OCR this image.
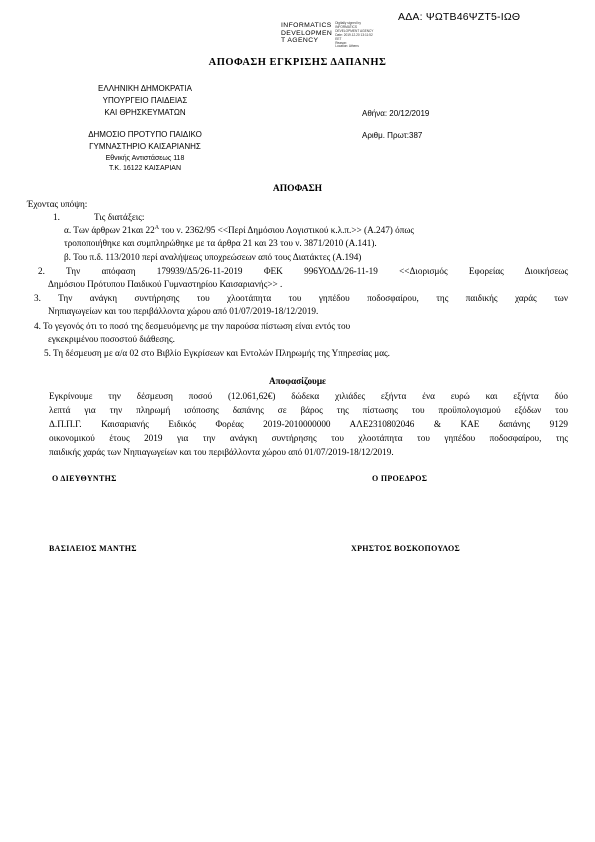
ΑΔΑ: ΨΩΤΒ46ΨΖΤ5-ΙΩΘ
INFORMATICS
DEVELOPMEN
T AGENCY
Digitally signed by
INFORMATICS
DEVELOPMENT AGENCY
Date: 2019.12.20 13:11:52
EET
Reason:
Location: Athens
ΑΠΟΦΑΣΗ ΕΓΚΡΙΣΗΣ ΔΑΠΑΝΗΣ
ΕΛΛΗΝΙΚΗ ΔΗΜΟΚΡΑΤΙΑ
ΥΠΟΥΡΓΕΙΟ ΠΑΙΔΕΙΑΣ
ΚΑΙ ΘΡΗΣΚΕΥΜΑΤΩΝ
ΔΗΜΟΣΙΟ ΠΡΟΤΥΠΟ ΠΑΙΔΙΚΟ
ΓΥΜΝΑΣΤΗΡΙΟ ΚΑΙΣΑΡΙΑΝΗΣ
Εθνικής Αντιστάσεως 118
Τ.Κ. 16122 ΚΑΙΣΑΡΙΑΝ
Αθήνα: 20/12/2019
Αριθμ. Πρωτ:387
ΑΠΟΦΑΣΗ
Έχοντας υπόψη:
1.	Τις διατάξεις:
α. Των άρθρων 21και $22^A$ του ν. 2362/95 <<Περί Δημόσιου Λογιστικού κ.λ.π.>> (Α.247) όπως
τροποποιήθηκε και συμπληρώθηκε με τα άρθρα 21 και 23 του ν. 3871/2010 (Α.141).
β. Του π.δ. 113/2010 περί αναλήψεως υποχρεώσεων από τους Διατάκτες (Α.194)
2. Την απόφαση 179939/Δ5/26-11-2019 ΦΕΚ 996ΥΟΔΔ/26-11-19 <<Διορισμός Εφορείας Διοικήσεως
Δημόσιου Πρότυπου Παιδικού Γυμναστηρίου Καισαριανής>> .
3. Την ανάγκη συντήρησης του χλοοτάπητα του γηπέδου ποδοσφαίρου, της παιδικής χαράς των
Νηπιαγωγείων και του περιβάλλοντα χώρου από 01/07/2019-18/12/2019.
4. Το γεγονός ότι το ποσό της δεσμευόμενης με την παρούσα πίστωση είναι εντός του
εγκεκριμένου ποσοστού διάθεσης.
5. Τη δέσμευση με α/α 02 στο Βιβλίο Εγκρίσεων και Εντολών Πληρωμής της Υπηρεσίας μας.
Αποφασίζουμε
Εγκρίνουμε την δέσμευση ποσού (12.061,62€) δώδεκα χιλιάδες εξήντα ένα ευρώ και εξήντα δύο
λεπτά για την πληρωμή ισόποσης δαπάνης σε βάρος της πίστωσης του προϋπολογισμού εξόδων του
Δ.Π.Π.Γ. Καισαριανής Ειδικός Φορέας 2019-2010000000 ΑΛΕ2310802046 & ΚΑΕ δαπάνης 9129
οικονομικού έτους 2019 για την ανάγκη συντήρησης του χλοοτάπητα του γηπέδου ποδοσφαίρου, της
παιδικής χαράς των Νηπιαγωγείων και του περιβάλλοντα χώρου από 01/07/2019-18/12/2019.
Ο ΔΙΕΥΘΥΝΤΗΣ	Ο ΠΡΟΕΔΡΟΣ
ΒΑΣΙΛΕΙΟΣ ΜΑΝΤΗΣ	ΧΡΗΣΤΟΣ ΒΟΣΚΟΠΟΥΛΟΣ
